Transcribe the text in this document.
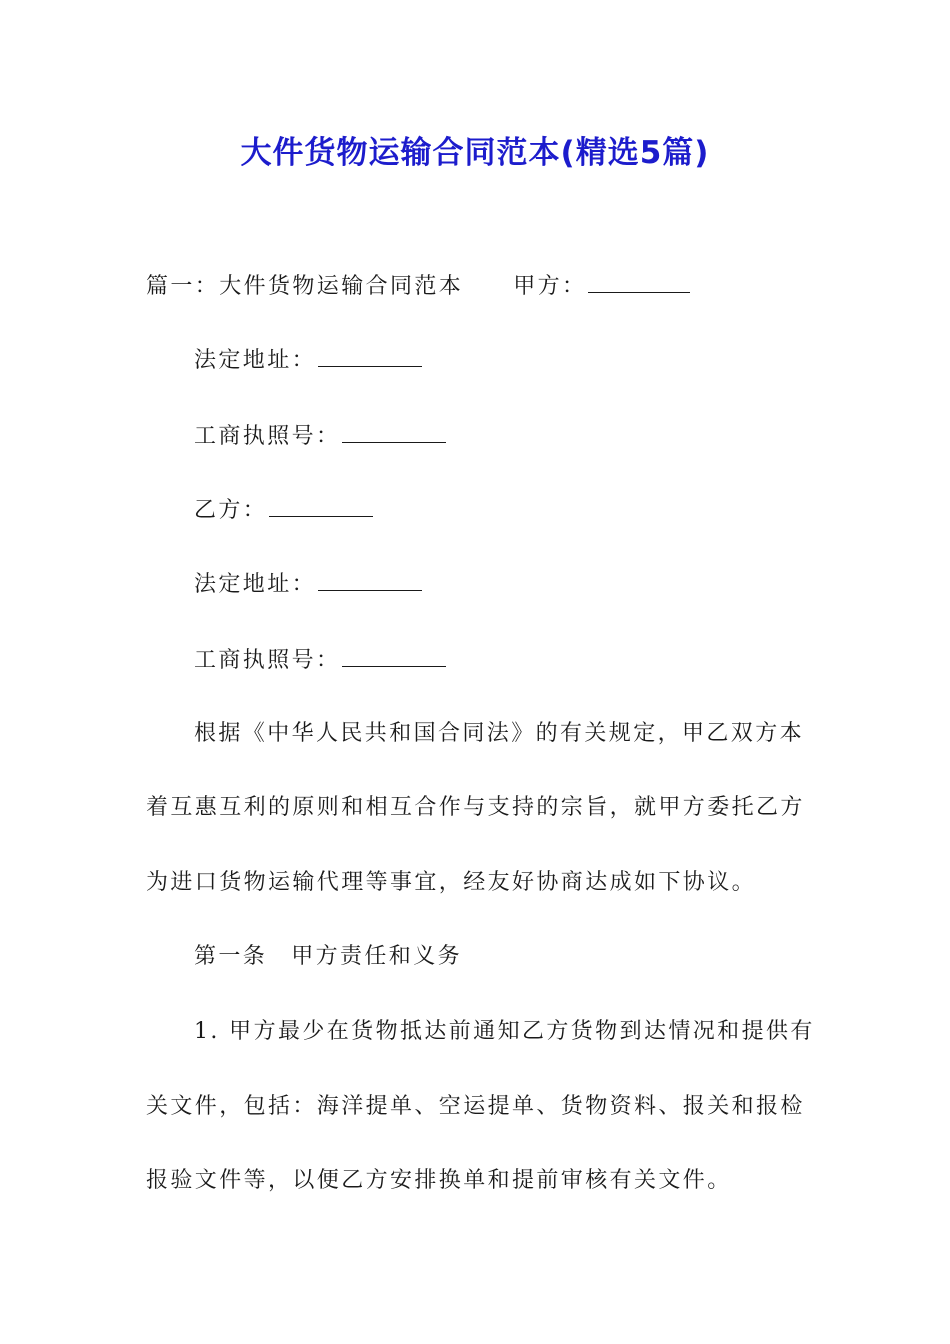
大件货物运输合同范本(精选5篇)
篇一：大件货物运输合同范本 甲方：
法定地址：
工商执照号：
乙方：
法定地址：
工商执照号：
根据《中华人民共和国合同法》的有关规定，甲乙双方本
着互惠互利的原则和相互合作与支持的宗旨，就甲方委托乙方
为进口货物运输代理等事宜，经友好协商达成如下协议。
第一条 甲方责任和义务
1. 甲方最少在货物抵达前通知乙方货物到达情况和提供有
关文件，包括：海洋提单、空运提单、货物资料、报关和报检
报验文件等，以便乙方安排换单和提前审核有关文件。
